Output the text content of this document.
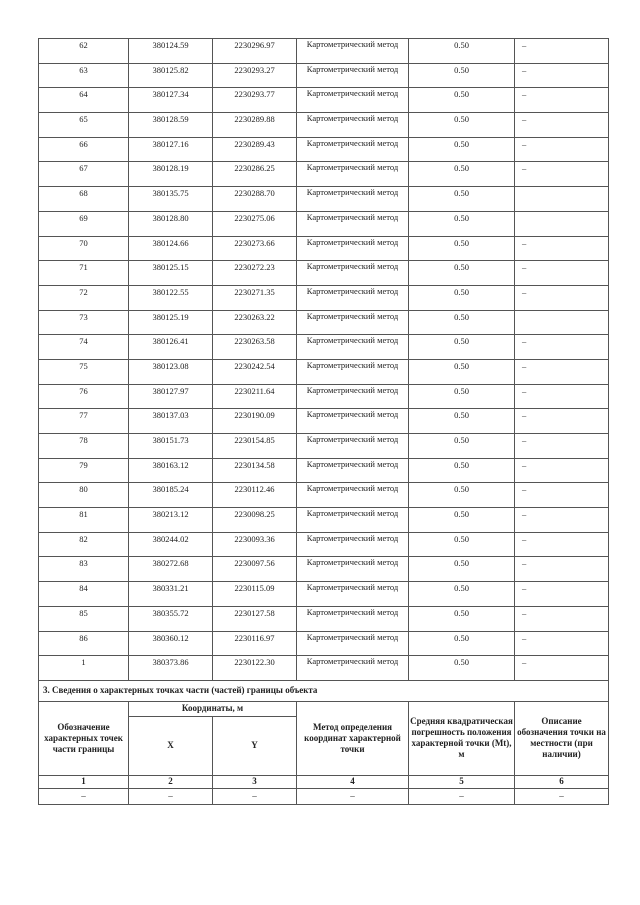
62	380124.59	2230296.97	Картометрический метод	0.50	–
63	380125.82	2230293.27	Картометрический метод	0.50	–
64	380127.34	2230293.77	Картометрический метод	0.50	–
65	380128.59	2230289.88	Картометрический метод	0.50	–
66	380127.16	2230289.43	Картометрический метод	0.50	–
67	380128.19	2230286.25	Картометрический метод	0.50	–
68	380135.75	2230288.70	Картометрический метод	0.50	
69	380128.80	2230275.06	Картометрический метод	0.50	
70	380124.66	2230273.66	Картометрический метод	0.50	–
71	380125.15	2230272.23	Картометрический метод	0.50	–
72	380122.55	2230271.35	Картометрический метод	0.50	–
73	380125.19	2230263.22	Картометрический метод	0.50	
74	380126.41	2230263.58	Картометрический метод	0.50	–
75	380123.08	2230242.54	Картометрический метод	0.50	–
76	380127.97	2230211.64	Картометрический метод	0.50	–
77	380137.03	2230190.09	Картометрический метод	0.50	–
78	380151.73	2230154.85	Картометрический метод	0.50	–
79	380163.12	2230134.58	Картометрический метод	0.50	–
80	380185.24	2230112.46	Картометрический метод	0.50	–
81	380213.12	2230098.25	Картометрический метод	0.50	–
82	380244.02	2230093.36	Картометрический метод	0.50	–
83	380272.68	2230097.56	Картометрический метод	0.50	–
84	380331.21	2230115.09	Картометрический метод	0.50	–
85	380355.72	2230127.58	Картометрический метод	0.50	–
86	380360.12	2230116.97	Картометрический метод	0.50	–
1	380373.86	2230122.30	Картометрический метод	0.50	–
3. Сведения о характерных точках части (частей) границы объекта					
Обозначение характерных точек части границы	Координаты, м		Метод определения координат характерной точки	Средняя квадратическая погрешность положения характерной точки (Mt), м	Описание обозначения точки на местности (при наличии)
	X	Y			
1	2	3	4	5	6
–	–	–	–	–	–
